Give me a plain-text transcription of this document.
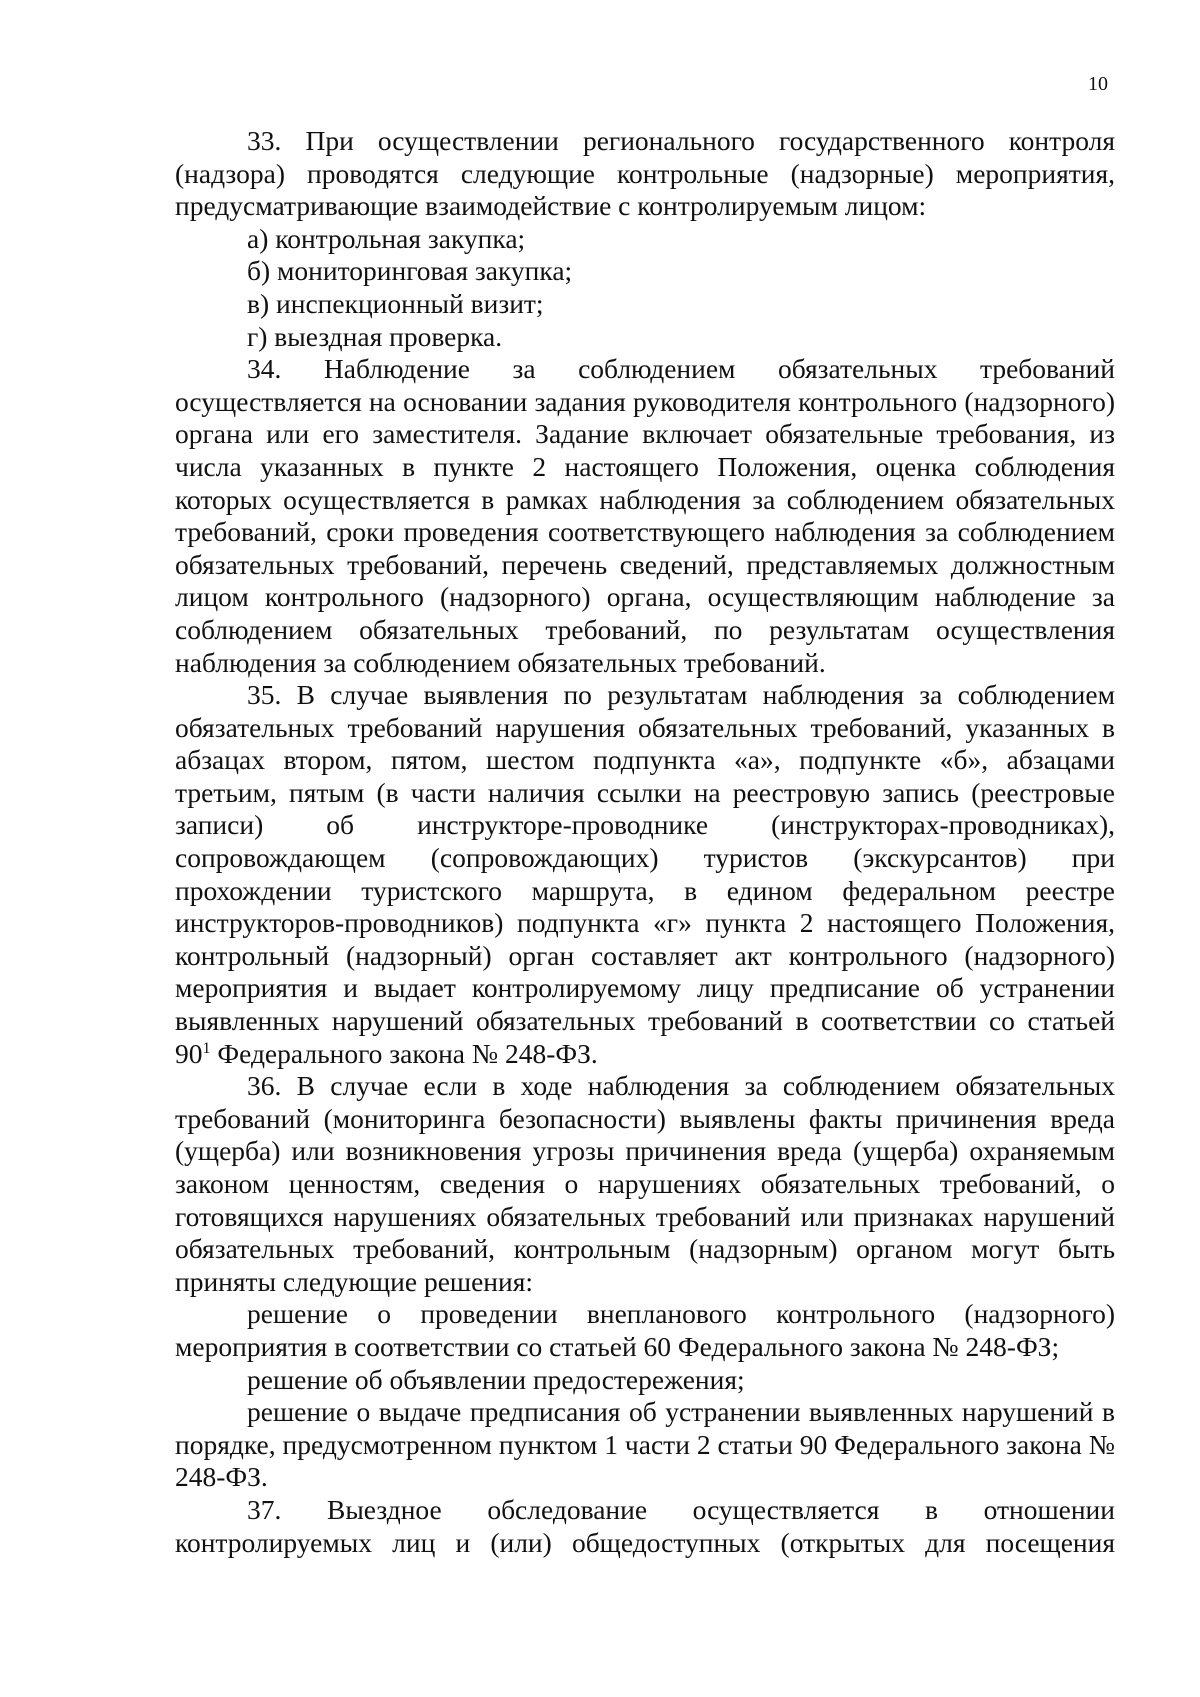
10

33. При осуществлении регионального государственного контроля (надзора) проводятся следующие контрольные (надзорные) мероприятия, предусматривающие взаимодействие с контролируемым лицом:

а) контрольная закупка;

б) мониторинговая закупка;

в) инспекционный визит;

г) выездная проверка.

34. Наблюдение за соблюдением обязательных требований осуществляется на основании задания руководителя контрольного (надзорного) органа или его заместителя. Задание включает обязательные требования, из числа указанных в пункте 2 настоящего Положения, оценка соблюдения которых осуществляется в рамках наблюдения за соблюдением обязательных требований, сроки проведения соответствующего наблюдения за соблюдением обязательных требований, перечень сведений, представляемых должностным лицом контрольного (надзорного) органа, осуществляющим наблюдение за соблюдением обязательных требований, по результатам осуществления наблюдения за соблюдением обязательных требований.

35. В случае выявления по результатам наблюдения за соблюдением обязательных требований нарушения обязательных требований, указанных в абзацах втором, пятом, шестом подпункта «а», подпункте «б», абзацами третьим, пятым (в части наличия ссылки на реестровую запись (реестровые записи) об инструкторе-проводнике (инструкторах-проводниках), сопровождающем (сопровождающих) туристов (экскурсантов) при прохождении туристского маршрута, в едином федеральном реестре инструкторов-проводников) подпункта «г» пункта 2 настоящего Положения, контрольный (надзорный) орган составляет акт контрольного (надзорного) мероприятия и выдает контролируемому лицу предписание об устранении выявленных нарушений обязательных требований в соответствии со статьей $90^1$ Федерального закона № 248-ФЗ.

36. В случае если в ходе наблюдения за соблюдением обязательных требований (мониторинга безопасности) выявлены факты причинения вреда (ущерба) или возникновения угрозы причинения вреда (ущерба) охраняемым законом ценностям, сведения о нарушениях обязательных требований, о готовящихся нарушениях обязательных требований или признаках нарушений обязательных требований, контрольным (надзорным) органом могут быть приняты следующие решения:

решение о проведении внепланового контрольного (надзорного) мероприятия в соответствии со статьей 60 Федерального закона № 248-ФЗ;

решение об объявлении предостережения;

решение о выдаче предписания об устранении выявленных нарушений в порядке, предусмотренном пунктом 1 части 2 статьи 90 Федерального закона № 248-ФЗ.

37. Выездное обследование осуществляется в отношении контролируемых лиц и (или) общедоступных (открытых для посещения
